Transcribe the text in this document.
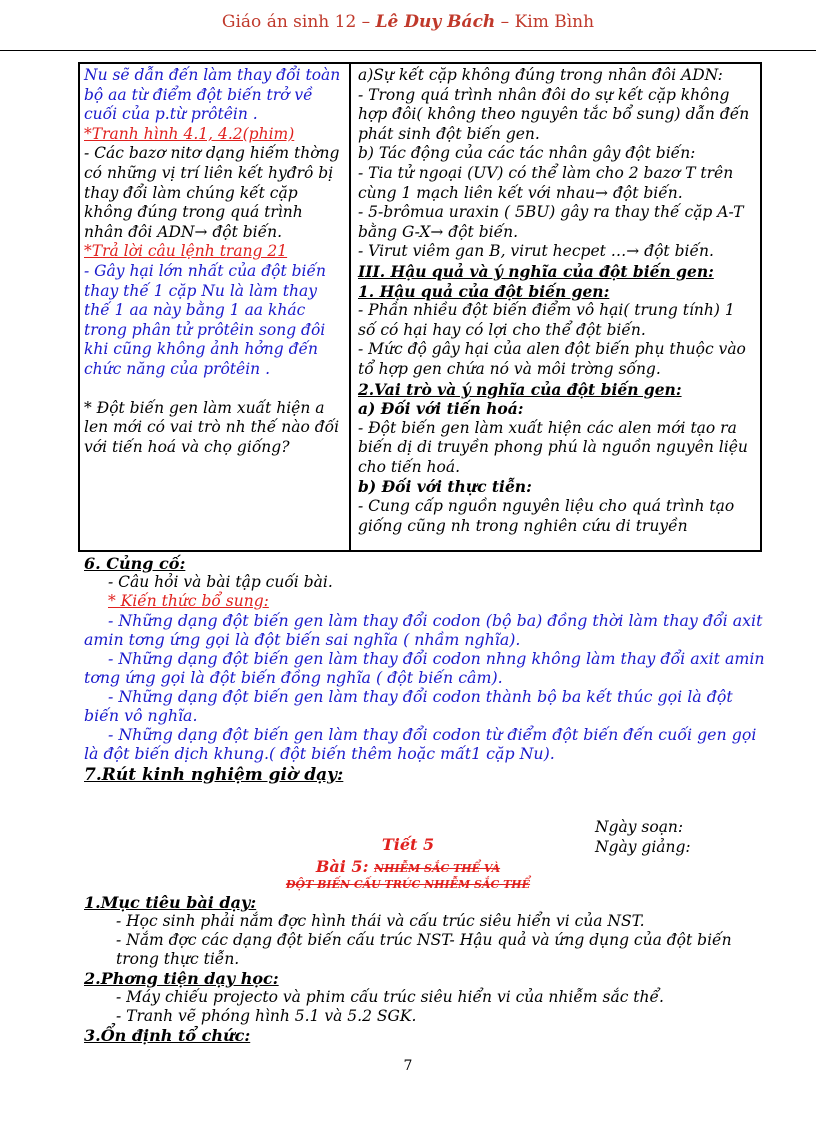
Giáo án sinh 12 – Lê Duy Bách – Kim Bình

Nu sẽ dẫn đến làm thay đổi toàn bộ aa từ điểm đột biến trở về cuối của p.từ prôtêin .

*Tranh hình 4.1, 4.2(phim)

- Các bazơ nitơ dạng hiếm thờng có những vị trí liên kết hyđrô bị thay đổi làm chúng kết cặp không đúng trong quá trình nhân đôi ADN→ đột biến.

*Trả lời câu lệnh trang 21

- Gây hại lớn nhất của đột biến thay thế 1 cặp Nu là làm thay thế 1 aa này bằng 1 aa khác trong phân tử prôtêin song đôi khi cũng không ảnh hởng đến chức năng của prôtêin .

* Đột biến gen làm xuất hiện a len mới có vai trò nh thế nào đối với tiến hoá và chọ giống?

a)Sự kết cặp không đúng trong nhân đôi ADN:

- Trong quá trình nhân đôi do sự kết cặp không hợp đôi( không theo nguyên tắc bổ sung) dẫn đến phát sinh đột biến gen.

b) Tác động của các tác nhân gây đột biến:

- Tia tử ngoại (UV) có thể làm cho 2 bazơ T trên cùng 1 mạch liên kết với nhau→ đột biến.

- 5-brômua uraxin ( 5BU) gây ra thay thế cặp A-T bằng G-X→ đột biến.

- Virut viêm gan B, virut hecpet …→ đột biến.

III. Hậu quả và ý nghĩa của đột biến gen:

1. Hậu quả của đột biến gen:

- Phần nhiều đột biến điểm vô hại( trung tính) 1 số có hại hay có lợi cho thể đột biến.

- Mức độ gây hại của alen đột biến phụ thuộc vào tổ hợp gen chứa nó và môi trờng sống.

2.Vai trò và ý nghĩa của đột biến gen:

a) Đối với tiến hoá:

- Đột biến gen làm xuất hiện các alen mới tạo ra biến dị di truyền phong phú là nguồn nguyên liệu cho tiến hoá.

b) Đối với thực tiễn:

- Cung cấp nguồn nguyên liệu cho quá trình tạo giống cũng nh trong nghiên cứu di truyền

6. Củng cố:
- Câu hỏi và bài tập cuối bài.
* Kiến thức bổ sung:
- Những dạng đột biến gen làm thay đổi codon (bộ ba) đồng thời làm thay đổi axit amin tơng ứng gọi là đột biến sai nghĩa ( nhầm nghĩa).
- Những dạng đột biến gen làm thay đổi codon nhng không làm thay đổi axit amin tơng ứng gọi là đột biến đồng nghĩa ( đột biến câm).
- Những dạng đột biến gen làm thay đổi codon thành bộ ba kết thúc gọi là đột biến vô nghĩa.
- Những dạng đột biến gen làm thay đổi codon từ điểm đột biến đến cuối gen gọi là đột biến dịch khung.( đột biến thêm hoặc mất1 cặp Nu).
7.Rút kinh nghiệm giờ dạy:
Ngày soạn:
Ngày giảng:
Tiết 5
Bài 5: NHIỄM SẮC THỂ VÀ
ĐỘT BIẾN CẤU TRÚC NHIỄM SẮC THỂ
1.Mục tiêu bài dạy:
- Học sinh phải nắm đợc hình thái và cấu trúc siêu hiển vi của NST.
- Nắm đợc các dạng đột biến cấu trúc NST- Hậu quả và ứng dụng của đột biến trong thực tiễn.
2.Phơng tiện dạy học:
- Máy chiếu projecto và phim cấu trúc siêu hiển vi của nhiễm sắc thể.
- Tranh vẽ phóng hình 5.1 và 5.2 SGK.
3.Ổn định tổ chức:
7
